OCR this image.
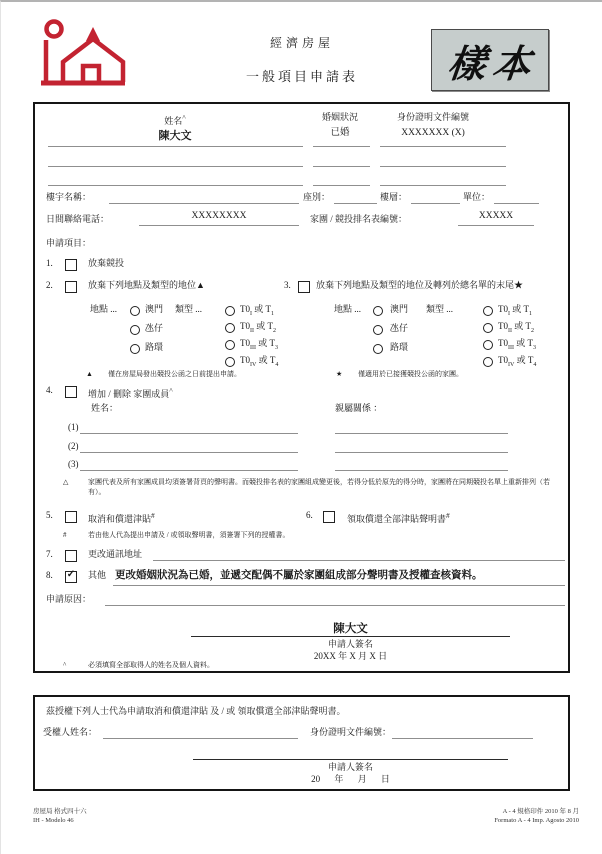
經濟房屋
一般項目申請表	樣本
姓名^	婚姻狀況	身份證明文件編號
陳大文	已婚	XXXXXXX (X)
樓宇名稱：	座別：	樓層：	單位：
日間聯絡電話：	XXXXXXXX	家團 / 競投排名表編號：	XXXXX
申請項目：
1.	放棄競投
2.	放棄下列地點及類型的地位▲	3.	放棄下列地點及類型的地位及轉列於總名單的末尾★
地點 ...	澳門
氹仔
路環
類型 ...	$T0_I$ 或 $T_1$
$T0_{II}$ 或 $T_2$
$T0_{III}$ 或 $T_3$
$T0_{IV}$ 或 $T_4$
地點 ...	澳門
氹仔
路環
類型 ...	$T0_I$ 或 $T_1$
$T0_{II}$ 或 $T_2$
$T0_{III}$ 或 $T_3$
$T0_{IV}$ 或 $T_4$
▲ 僅在房屋局發出競投公函之日前提出申請。	★ 僅適用於已接獲競投公函的家團。
4.	增加 / 刪除 家團成員^
姓名：	親屬關係 ：
(1)
(2)
(3)
△	家團代表及所有家團成員均須簽署背頁的聲明書。而競投排名表的家團組成變更後，若得分低於原先的得分時，家團將在同期競投名單上重新排列（若有）。
5.	取消和償還津貼#	6.	領取償還全部津貼聲明書#
#	若由他人代為提出申請及 / 或領取聲明書，須簽署下列的授權書。
7.	更改通訊地址
8. ✓ 其他 更改婚姻狀況為已婚，並遞交配偶不屬於家團組成部分聲明書及授權查核資料。
申請原因：
陳大文
申請人簽名
20XX 年 X 月 X 日
^	必須填寫全部取得人的姓名及個人資料。
茲授權下列人士代為申請取消和償還津貼 及 / 或 領取償還全部津貼聲明書。
受權人姓名：	身份證明文件編號：
申請人簽名
20 年 月 日
房屋局 格式四十六
IH - Modelo 46
A - 4 規格印件 2010 年 8 月
Formato A - 4 Imp. Agosto 2010
